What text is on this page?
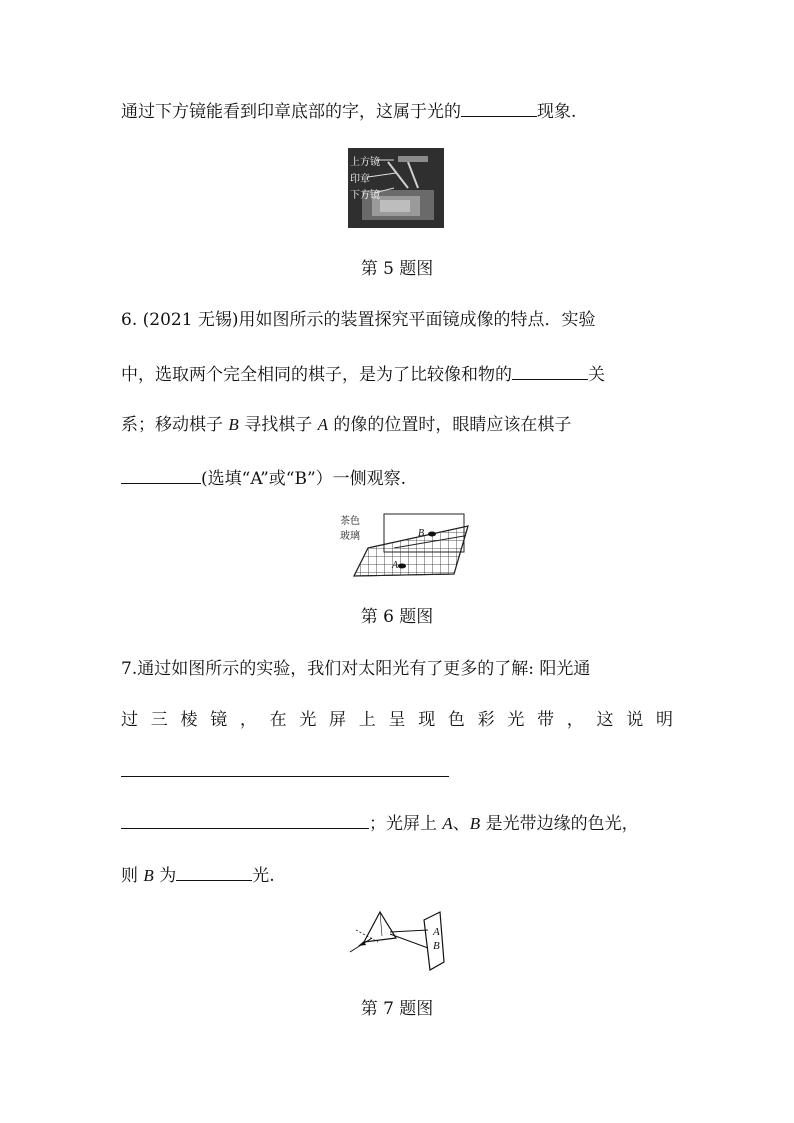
通过下方镜能看到印章底部的字，这属于光的	现象.
上方镜
印章
下方镜
第 5 题图
6. (2021 无锡)用如图所示的装置探究平面镜成像的特点．实验
中，选取两个完全相同的棋子，是为了比较像和物的	关
系；移动棋子 B 寻找棋子 A 的像的位置时，眼睛应该在棋子
(选填“A”或“B”）一侧观察.
茶色
玻璃	B
A
第 6 题图
7.通过如图所示的实验，我们对太阳光有了更多的了解: 阳光通
过 三 棱 镜 ， 在 光 屏 上 呈 现 色 彩 光 带 ， 这 说 明
；光屏上 A、B 是光带边缘的色光，
则 B 为	光.
A
B
第 7 题图
